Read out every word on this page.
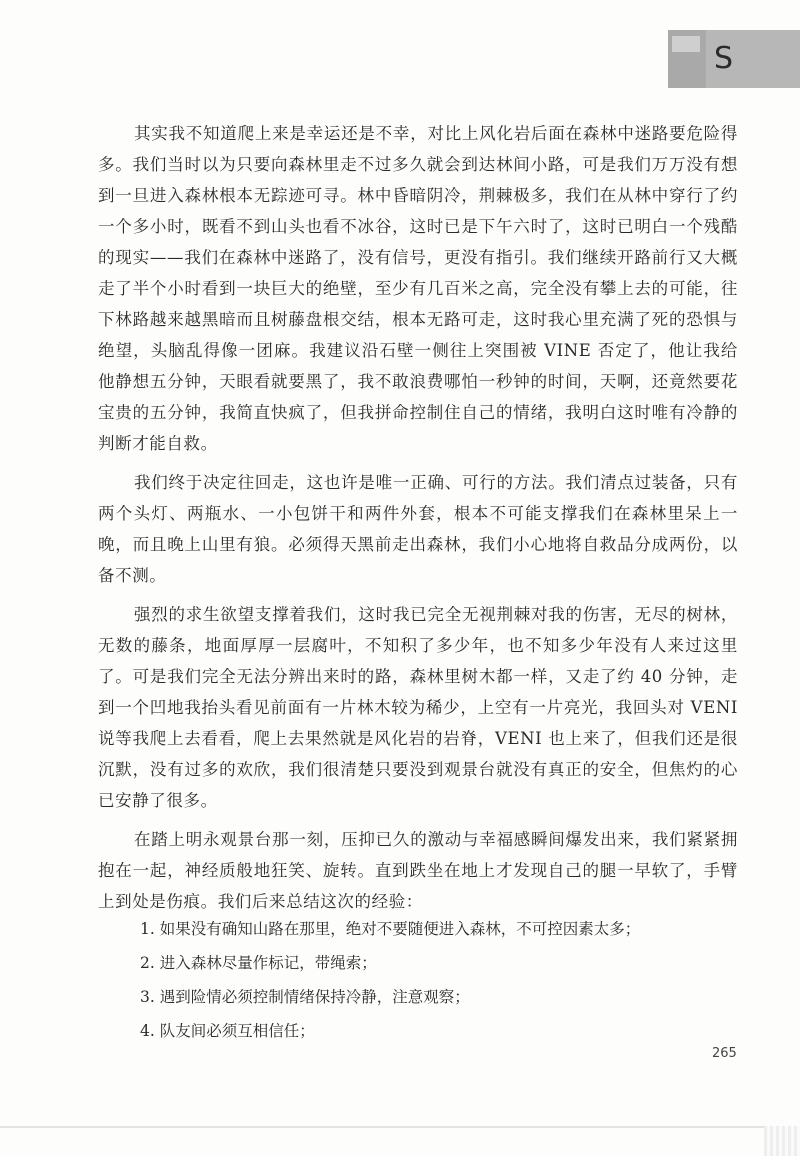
S

其实我不知道爬上来是幸运还是不幸，对比上风化岩后面在森林中迷路要危险得多。我们当时以为只要向森林里走不过多久就会到达林间小路，可是我们万万没有想到一旦进入森林根本无踪迹可寻。林中昏暗阴冷，荆棘极多，我们在从林中穿行了约一个多小时，既看不到山头也看不冰谷，这时已是下午六时了，这时已明白一个残酷的现实——我们在森林中迷路了，没有信号，更没有指引。我们继续开路前行又大概走了半个小时看到一块巨大的绝壁，至少有几百米之高，完全没有攀上去的可能，往下林路越来越黑暗而且树藤盘根交结，根本无路可走，这时我心里充满了死的恐惧与绝望，头脑乱得像一团麻。我建议沿石壁一侧往上突围被 VINE 否定了，他让我给他静想五分钟，天眼看就要黑了，我不敢浪费哪怕一秒钟的时间，天啊，还竟然要花宝贵的五分钟，我简直快疯了，但我拼命控制住自己的情绪，我明白这时唯有冷静的判断才能自救。

我们终于决定往回走，这也许是唯一正确、可行的方法。我们清点过装备，只有两个头灯、两瓶水、一小包饼干和两件外套，根本不可能支撑我们在森林里呆上一晚，而且晚上山里有狼。必须得天黑前走出森林，我们小心地将自救品分成两份，以备不测。

强烈的求生欲望支撑着我们，这时我已完全无视荆棘对我的伤害，无尽的树林，无数的藤条，地面厚厚一层腐叶，不知积了多少年，也不知多少年没有人来过这里了。可是我们完全无法分辨出来时的路，森林里树木都一样，又走了约 40 分钟，走到一个凹地我抬头看见前面有一片林木较为稀少，上空有一片亮光，我回头对 VENI 说等我爬上去看看，爬上去果然就是风化岩的岩脊，VENI 也上来了，但我们还是很沉默，没有过多的欢欣，我们很清楚只要没到观景台就没有真正的安全，但焦灼的心已安静了很多。

在踏上明永观景台那一刻，压抑已久的激动与幸福感瞬间爆发出来，我们紧紧拥抱在一起，神经质般地狂笑、旋转。直到跌坐在地上才发现自己的腿一早软了，手臂上到处是伤痕。我们后来总结这次的经验：

1. 如果没有确知山路在那里，绝对不要随便进入森林，不可控因素太多；
2. 进入森林尽量作标记，带绳索；
3. 遇到险情必须控制情绪保持冷静，注意观察；
4. 队友间必须互相信任；
265
